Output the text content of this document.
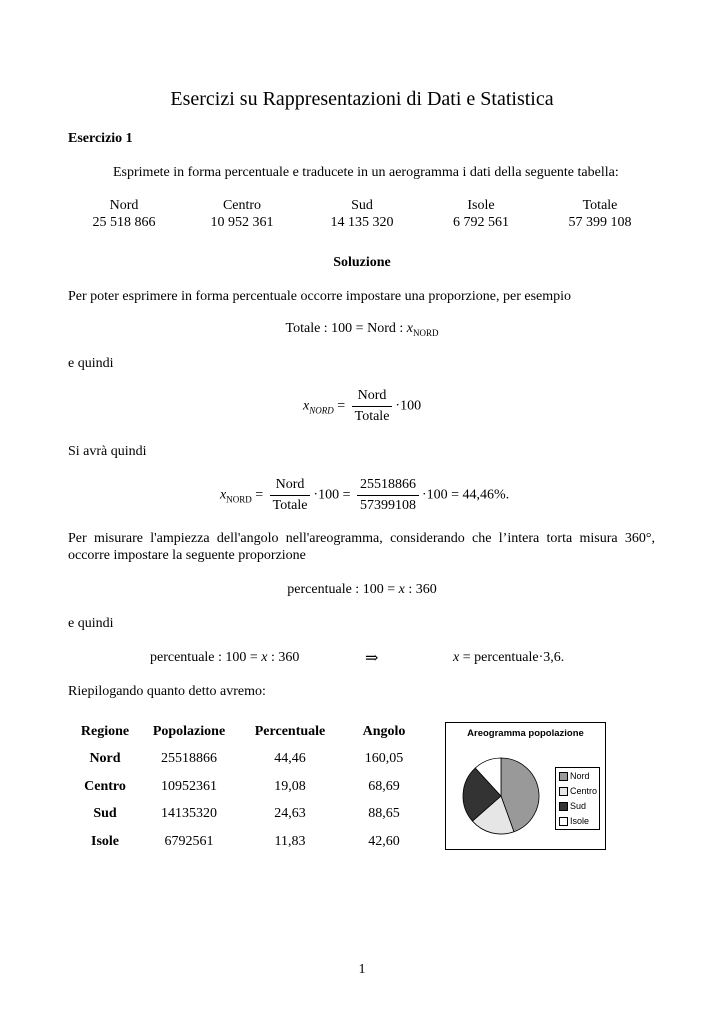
Esercizi su Rappresentazioni di Dati e Statistica
Esercizio 1
Esprimete in forma percentuale e traducete in un aerogramma i dati della seguente tabella:
Nord	Centro	Sud	Isole	Totale
25 518 866	10 952 361	14 135 320	6 792 561	57 399 108
Soluzione
Per poter esprimere in forma percentuale occorre impostare una proporzione, per esempio
Totale : 100 = Nord : $x_{NORD}$
e quindi
$x_{NORD} = \frac{\text{Nord}}{\text{Totale}} \cdot 100$
Si avrà quindi
$x_{NORD} = \frac{\text{Nord}}{\text{Totale}} \cdot 100 = \frac{25518866}{57399108} \cdot 100 = 44,46\%$.
Per misurare l'ampiezza dell'angolo nell'areogramma, considerando che l’intera torta misura 360°,
occorre impostare la seguente proporzione
percentuale : 100 = x : 360
e quindi
percentuale : 100 = x : 360	⇒	x = percentuale·3,6.
Riepilogando quanto detto avremo:
Regione	Popolazione	Percentuale	Angolo
Nord	25518866	44,46	160,05
Centro	10952361	19,08	68,69
Sud	14135320	24,63	88,65
Isole	6792561	11,83	42,60
Areogramma popolazione
Nord
Centro
Sud
Isole
1
